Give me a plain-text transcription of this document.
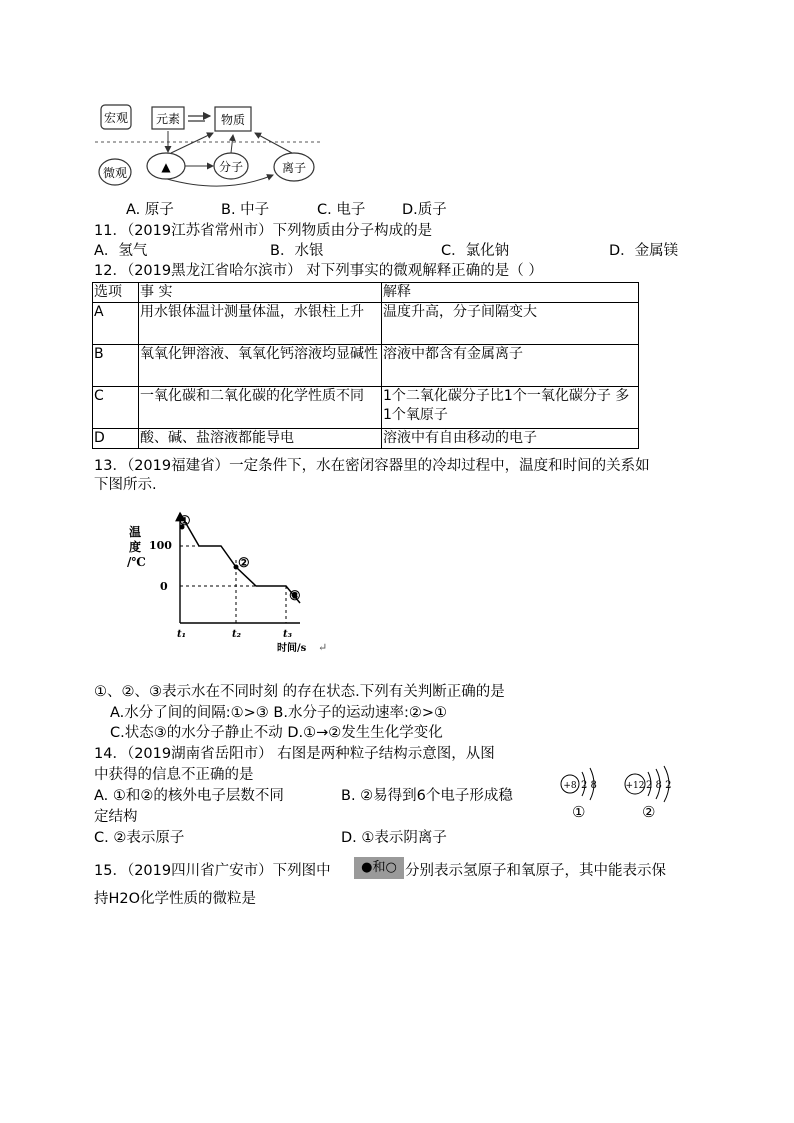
宏观 元素	物质
微观	▲	分子	离子
A. 原子	B. 中子	C. 电子	D.质子
11．（2019江苏省常州市）下列物质由分子构成的是
A．氢气	B．水银	C．氯化钠	D．金属镁
12．（2019黑龙江省哈尔滨市） 对下列事实的微观解释正确的是（ ）
选项	事 实	解释
A	用水银体温计测量体温，水银柱上升	温度升高，分子间隔变大
B	氧氧化钾溶液、氧氧化钙溶液均显碱性	溶液中都含有金属离子
C	一氧化碳和二氧化碳的化学性质不同	1个二氧化碳分子比1个一氧化碳分子 多1个氧原子
D	酸、碱、盐溶液都能导电	溶液中有自由移动的电子
13．（2019福建省）一定条件下，水在密闭容器里的冷却过程中，温度和时间的关系如
下图所示.
温
度
/℃
100
0
①
②
③
t₁	t₂	t₃
时间/s ↵
①、②、③表示水在不同时刻 的存在状态.下列有关判断正确的是
A.水分了间的间隔:①>③ B.水分子的运动速率:②>①
C.状态③的水分子静止不动 D.①→②发生生化学变化
14．（2019湖南省岳阳市） 右图是两种粒子结构示意图，从图
中获得的信息不正确的是
A. ①和②的核外电子层数不同	B. ②易得到6个电子形成稳
定结构
C. ②表示原子	D. ①表示阴离子
+8 2 8
①
+12 2 8 2
②
15．（2019四川省广安市）下列图中	●和○ 分别表示氢原子和氧原子，其中能表示保
持H2O化学性质的微粒是
